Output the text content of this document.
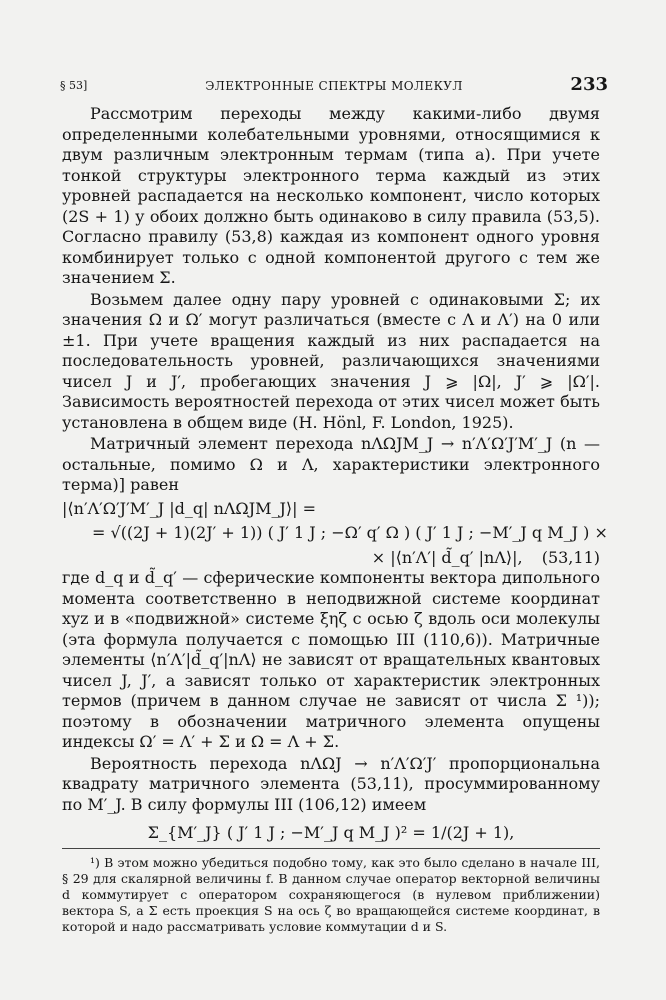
§ 53]	ЭЛЕКТРОННЫЕ СПЕКТРЫ МОЛЕКУЛ	233

Рассмотрим переходы между какими-либо двумя определенными колебательными уровнями, относящимися к двум различным электронным термам (типа a). При учете тонкой структуры электронного терма каждый из этих уровней распадается на несколько компонент, число которых (2S + 1) у обоих должно быть одинаково в силу правила (53,5). Согласно правилу (53,8) каждая из компонент одного уровня комбинирует только с одной компонентой другого с тем же значением Σ.

Возьмем далее одну пару уровней с одинаковыми Σ; их значения Ω и Ω′ могут различаться (вместе с Λ и Λ′) на 0 или ±1. При учете вращения каждый из них распадается на последовательность уровней, различающихся значениями чисел J и J′, пробегающих значения J ⩾ |Ω|, J′ ⩾ |Ω′|. Зависимость вероятностей перехода от этих чисел может быть установлена в общем виде (H. Hönl, F. London, 1925).

Матричный элемент перехода nΛΩJM_J → n′Λ′Ω′J′M′_J (n — остальные, помимо Ω и Λ, характеристики электронного терма)] равен

|⟨n′Λ′Ω′J′M′_J |d_q| nΛΩJM_J⟩| =
= √((2J + 1)(2J′ + 1)) ( J′ 1 J ; −Ω′ q′ Ω ) ( J′ 1 J ; −M′_J q M_J ) ×
× |⟨n′Λ′| d̃_q′ |nΛ⟩|, (53,11)

где d_q и d̃_q′ — сферические компоненты вектора дипольного момента соответственно в неподвижной системе координат xyz и в «подвижной» системе ξηζ с осью ζ вдоль оси молекулы (эта формула получается с помощью III (110,6)). Матричные элементы ⟨n′Λ′|d̃_q′|nΛ⟩ не зависят от вращательных квантовых чисел J, J′, а зависят только от характеристик электронных термов (причем в данном случае не зависят от числа Σ ¹)); поэтому в обозначении матричного элемента опущены индексы Ω′ = Λ′ + Σ и Ω = Λ + Σ.

Вероятность перехода nΛΩJ → n′Λ′Ω′J′ пропорциональна квадрату матричного элемента (53,11), просуммированному по M′_J. В силу формулы III (106,12) имеем

Σ_{M′_J} ( J′ 1 J ; −M′_J q M_J )² = 1/(2J + 1),

¹) В этом можно убедиться подобно тому, как это было сделано в начале III, § 29 для скалярной величины f. В данном случае оператор векторной величины d коммутирует с оператором сохраняющегося (в нулевом приближении) вектора S, а Σ есть проекция S на ось ζ во вращающейся системе координат, в которой и надо рассматривать условие коммутации d и S.
